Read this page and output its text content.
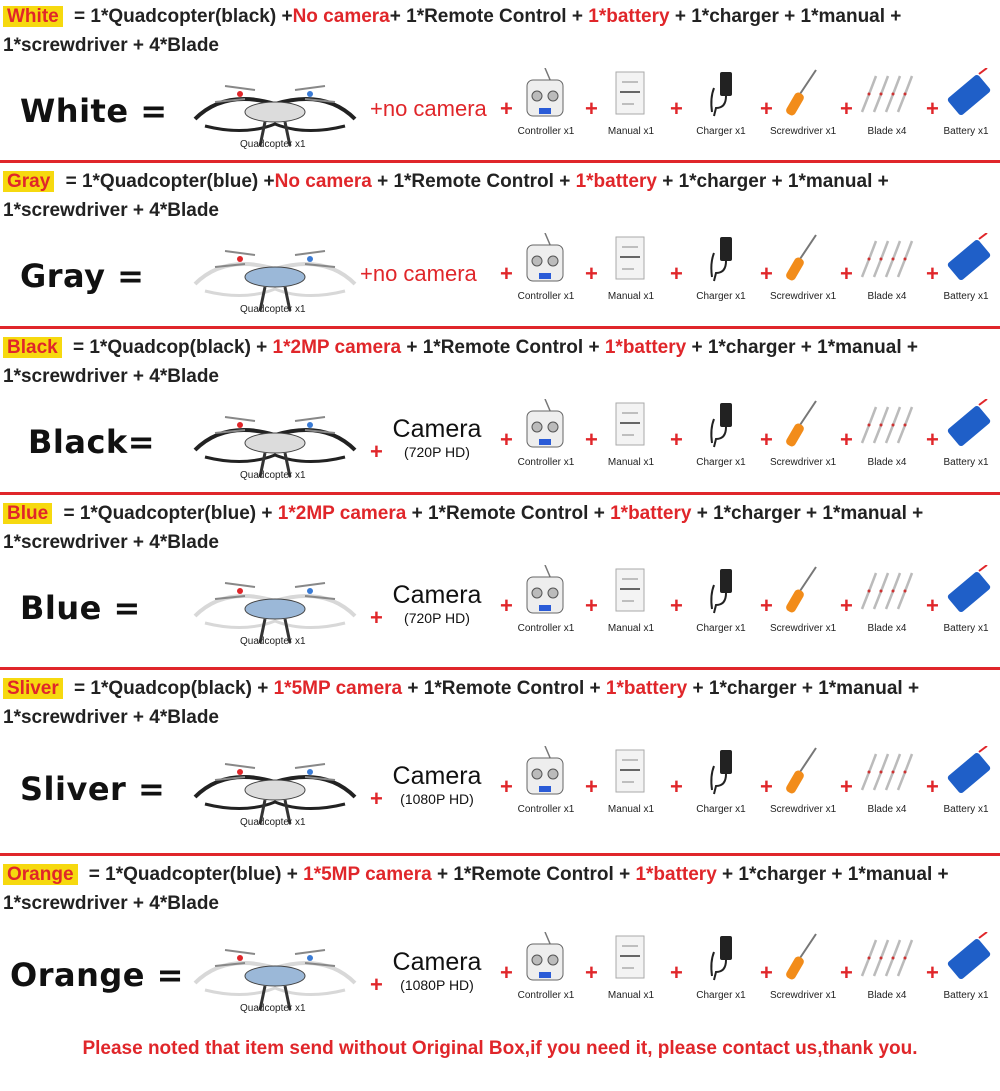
White = 1*Quadcopter(black) +No camera+ 1*Remote Control + 1*battery + 1*charger + 1*manual + 1*screwdriver + 4*Blade
White =
Quadcopter x1
+no camera +
Controller x1
+
Manual x1
+
Charger x1
+
Screwdriver x1
+
Blade x4
+
Battery x1
Gray = 1*Quadcopter(blue) +No camera + 1*Remote Control + 1*battery + 1*charger + 1*manual + 1*screwdriver + 4*Blade
Gray =
Quadcopter x1
+no camera +
Controller x1
+
Manual x1
+
Charger x1
+
Screwdriver x1
+
Blade x4
+
Battery x1
Black = 1*Quadcop(black) + 1*2MP camera + 1*Remote Control + 1*battery + 1*charger + 1*manual + 1*screwdriver + 4*Blade
Black=
Quadcopter x1
+
Camera
(720P HD)	+
Controller x1
+
Manual x1
+
Charger x1
+
Screwdriver x1
+
Blade x4
+
Battery x1
Blue = 1*Quadcopter(blue) + 1*2MP camera + 1*Remote Control + 1*battery + 1*charger + 1*manual + 1*screwdriver + 4*Blade
Blue =
Quadcopter x1
+
Camera
(720P HD)	+
Controller x1
+
Manual x1
+
Charger x1
+
Screwdriver x1
+
Blade x4
+
Battery x1
Sliver = 1*Quadcop(black) + 1*5MP camera + 1*Remote Control + 1*battery + 1*charger + 1*manual + 1*screwdriver + 4*Blade
Sliver =
Quadcopter x1
+
Camera
(1080P HD)	+
Controller x1
+
Manual x1
+
Charger x1
+
Screwdriver x1
+
Blade x4
+
Battery x1
Orange = 1*Quadcopter(blue) + 1*5MP camera + 1*Remote Control + 1*battery + 1*charger + 1*manual + 1*screwdriver + 4*Blade
Orange =
Quadcopter x1
+
Camera
(1080P HD)	+
Controller x1
+
Manual x1
+
Charger x1
+
Screwdriver x1
+
Blade x4
+
Battery x1
Please noted that item send without Original Box,if you need it, please contact us,thank you.
